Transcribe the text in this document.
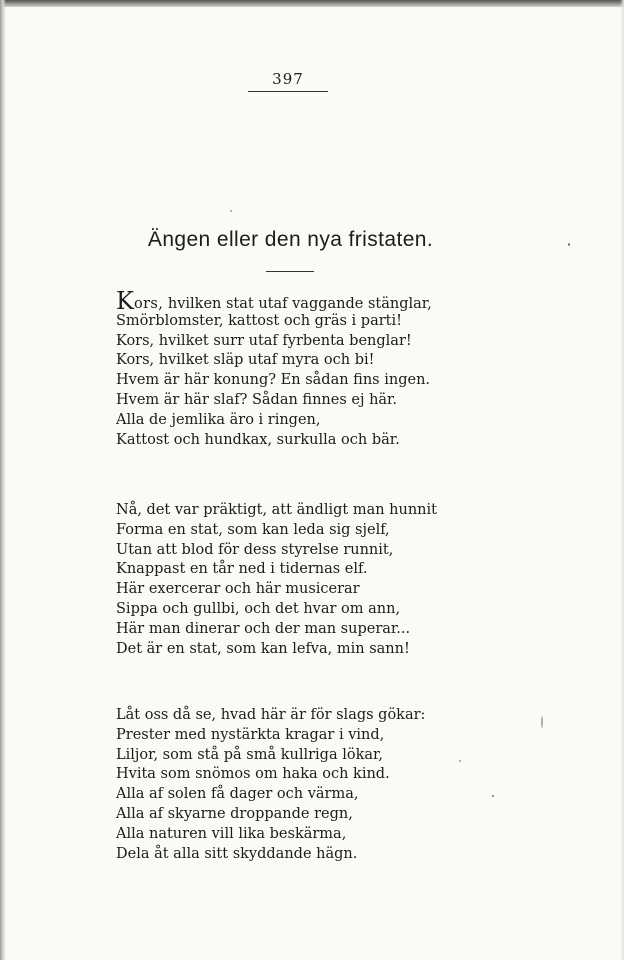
397
Ängen eller den nya fristaten.
Kors, hvilken stat utaf vaggande stänglar,
Smörblomster, kattost och gräs i parti!
Kors, hvilket surr utaf fyrbenta benglar!
Kors, hvilket släp utaf myra och bi!
Hvem är här konung? En sådan fins ingen.
Hvem är här slaf? Sådan finnes ej här.
Alla de jemlika äro i ringen,
Kattost och hundkax, surkulla och bär.
Nå, det var präktigt, att ändligt man hunnit
Forma en stat, som kan leda sig sjelf,
Utan att blod för dess styrelse runnit,
Knappast en tår ned i tidernas elf.
Här exercerar och här musicerar
Sippa och gullbi, och det hvar om ann,
Här man dinerar och der man superar...
Det är en stat, som kan lefva, min sann!
Låt oss då se, hvad här är för slags gökar:
Prester med nystärkta kragar i vind,
Liljor, som stå på små kullriga lökar,
Hvita som snömos om haka och kind.
Alla af solen få dager och värma,
Alla af skyarne droppande regn,
Alla naturen vill lika beskärma,
Dela åt alla sitt skyddande hägn.
